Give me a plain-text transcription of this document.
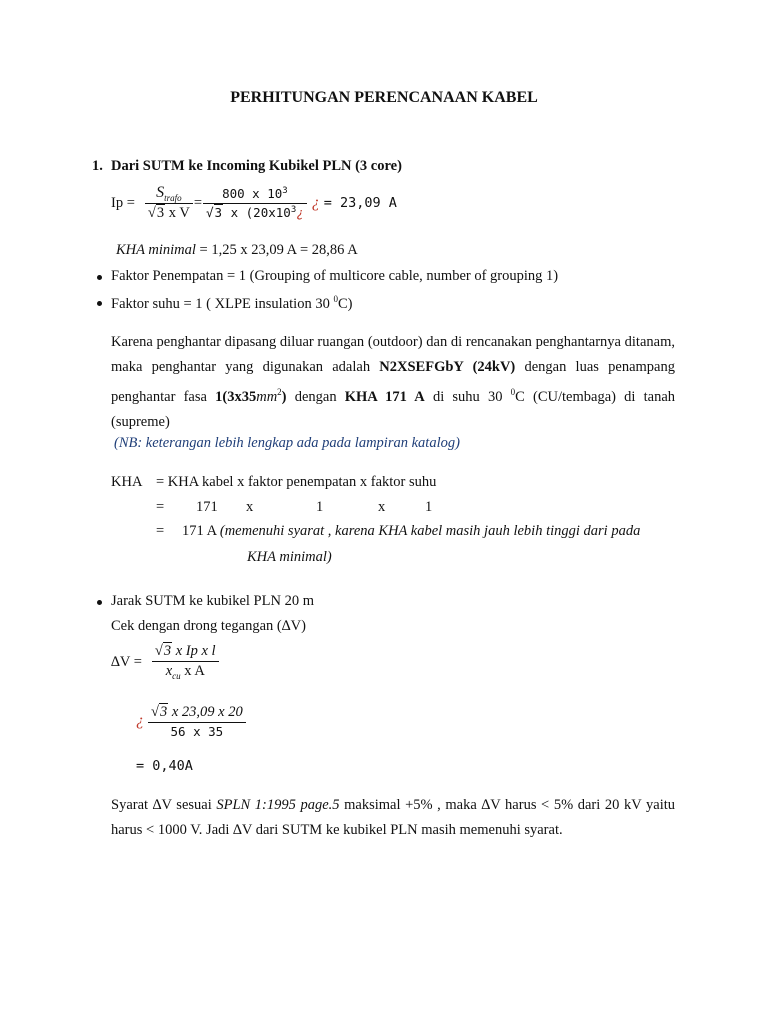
PERHITUNGAN PERENCANAAN KABEL
1. Dari SUTM ke Incoming Kubikel PLN (3 core)
$Ip = \frac{S_{trafo}}{\text{√3 x V}} = \frac{800 x 10^3}{√3 x (20x10^3¿}$ ¿ = 23,09 A
KHA minimal = 1,25 x 23,09 A = 28,86 A
Faktor Penempatan = 1 (Grouping of multicore cable, number of grouping 1)
Faktor suhu = 1 ( XLPE insulation 30 $^0$C)
Karena penghantar dipasang diluar ruangan (outdoor) dan di rencanakan penghantarnya ditanam, maka penghantar yang digunakan adalah N2XSEFGbY (24kV) dengan luas penampang penghantar fasa $1(3x35mm^2)$ dengan KHA 171 A di suhu 30 $^0$C (CU/tembaga) di tanah (supreme)
(NB: keterangan lebih lengkap ada pada lampiran katalog)
KHA = KHA kabel x faktor penempatan x faktor suhu
= 171 x	1	x	1
= 171 A (memenuhi syarat , karena KHA kabel masih jauh lebih tinggi dari pada
KHA minimal)
Jarak SUTM ke kubikel PLN 20 m
Cek dengan drong tegangan (∆V)
$\Delta V = \frac{\text{√3 x Ip x l}}{x_{cu} x A}$
¿ $\frac{√3 x 23,09 x 20}{56 x 35}$
= 0,40A
Syarat ∆V sesuai SPLN 1:1995 page.5 maksimal +5% , maka ∆V harus < 5% dari 20 kV yaitu harus < 1000 V. Jadi ∆V dari SUTM ke kubikel PLN masih memenuhi syarat.
